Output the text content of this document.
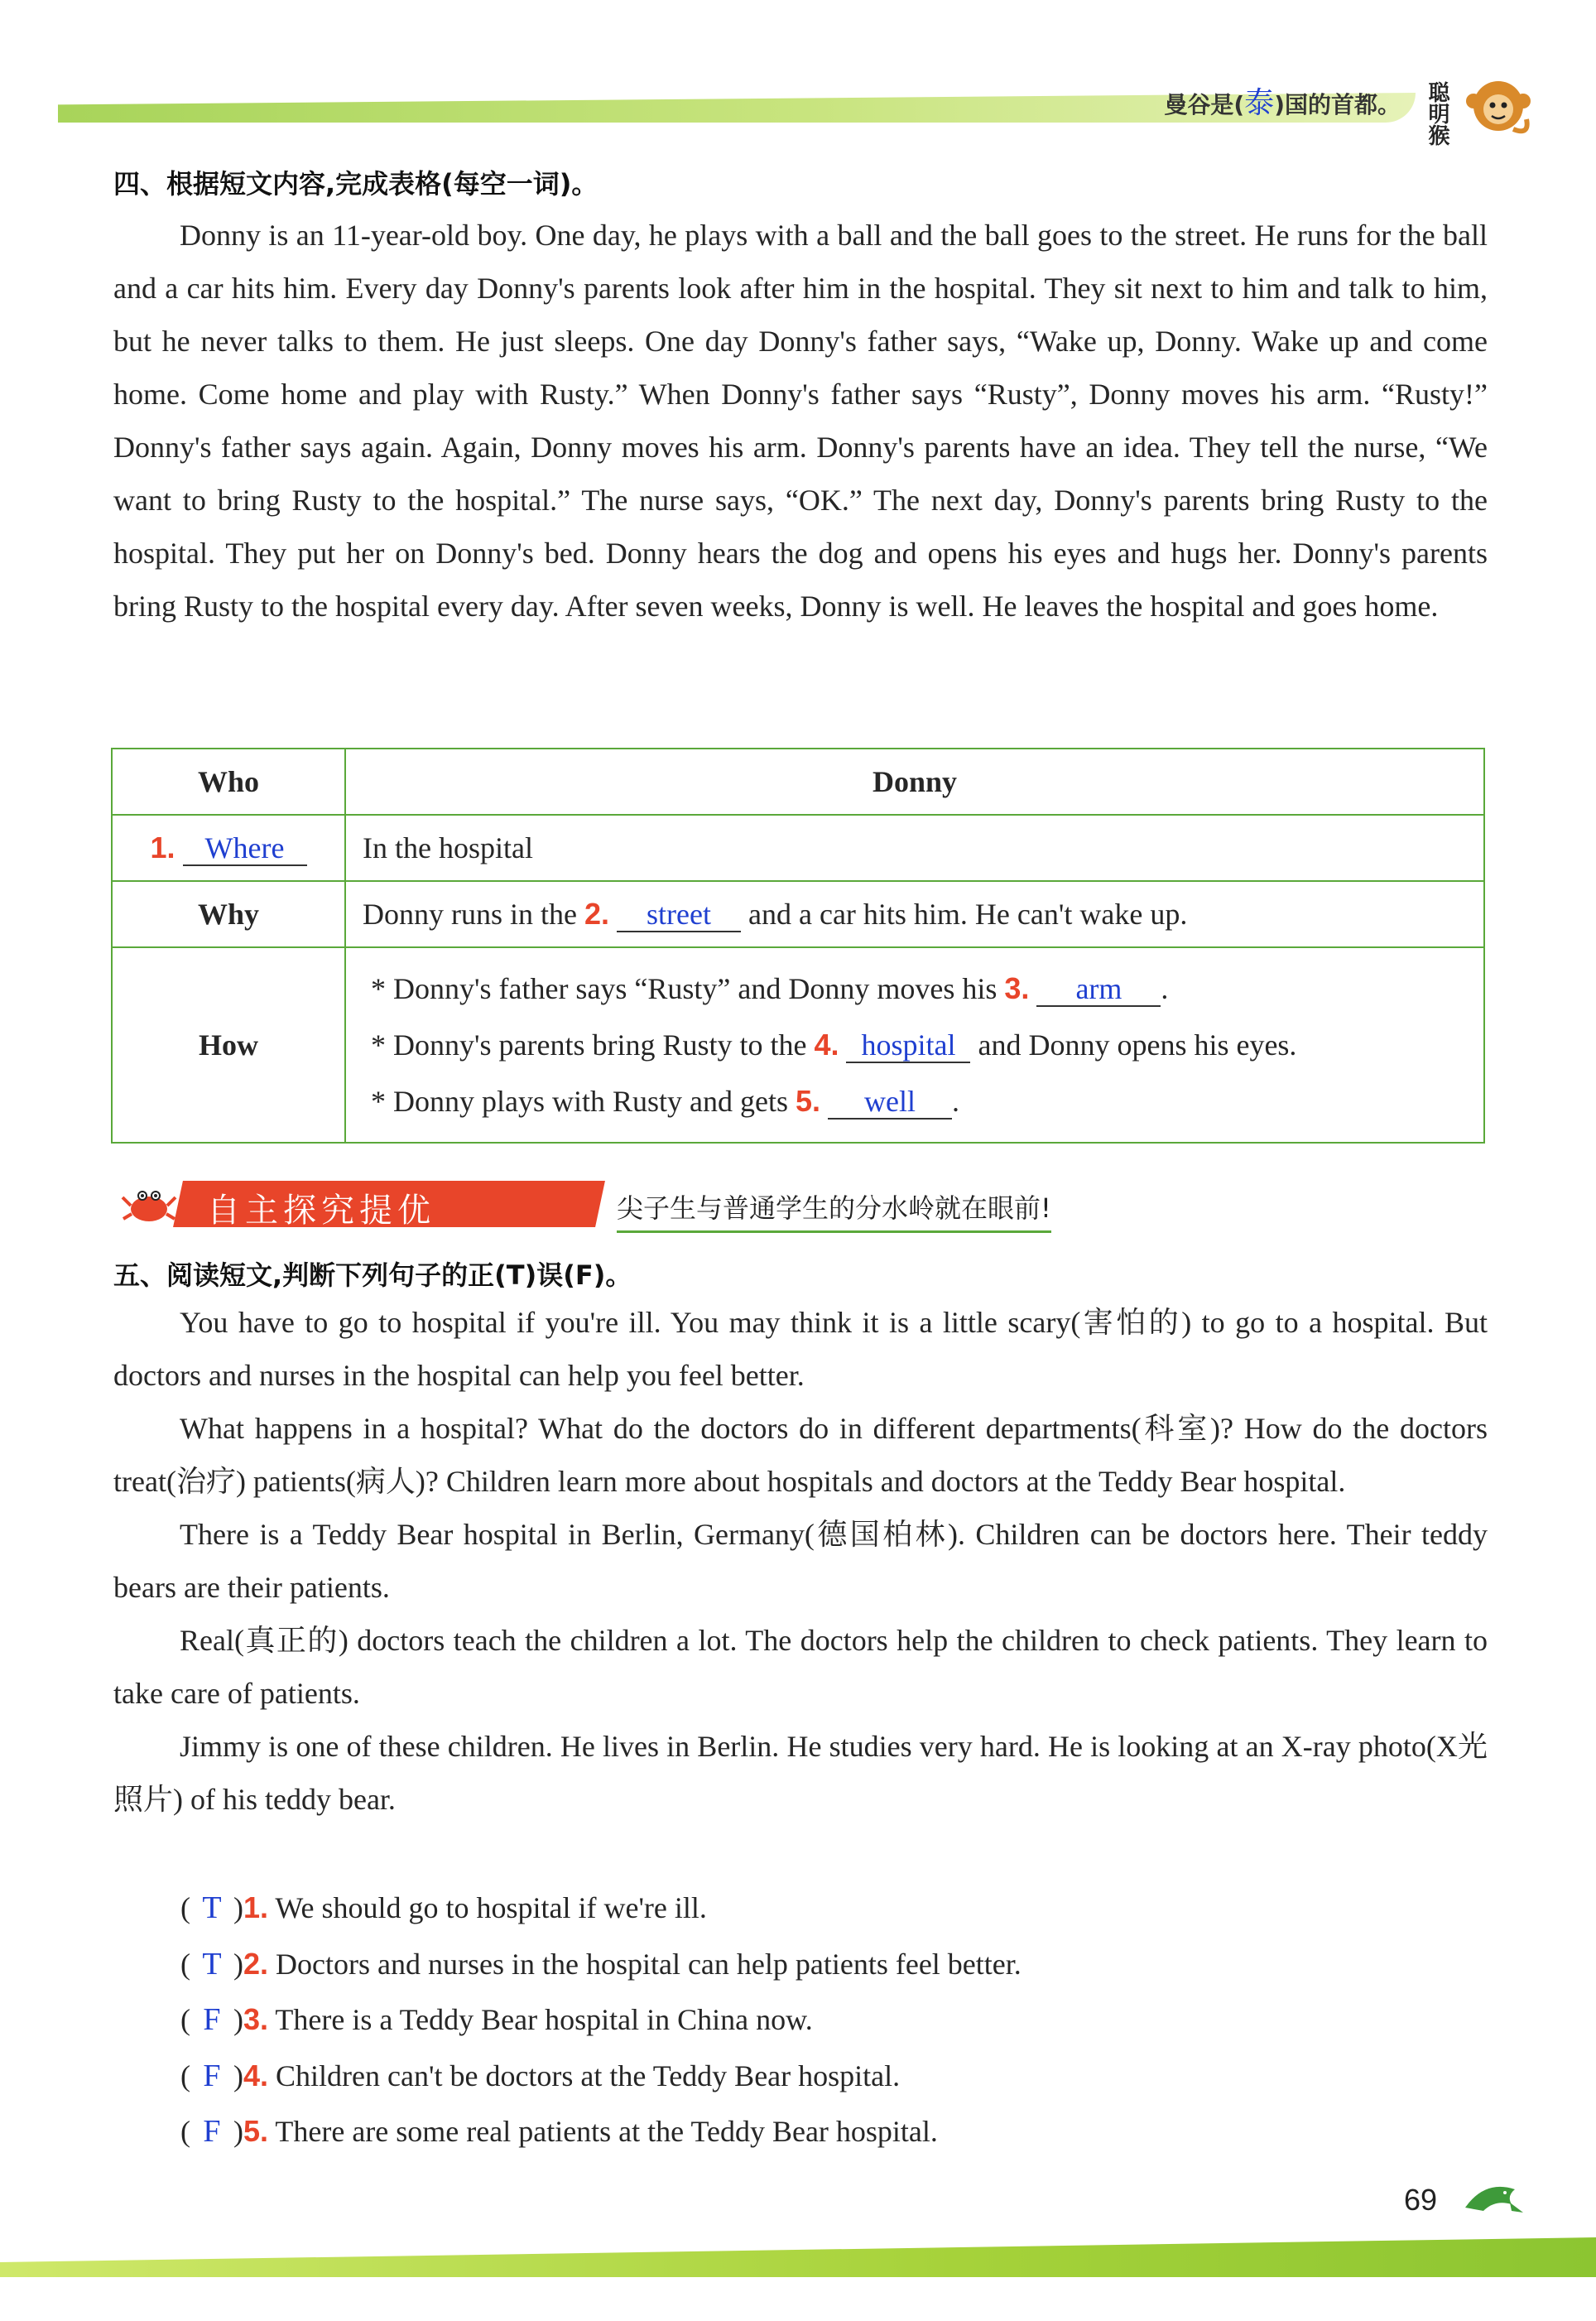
曼谷是(泰)国的首都。 聪明猴
四、根据短文内容,完成表格(每空一词)。

Donny is an 11-year-old boy. One day, he plays with a ball and the ball goes to the street. He runs for the ball and a car hits him. Every day Donny's parents look after him in the hospital. They sit next to him and talk to him, but he never talks to them. He just sleeps. One day Donny's father says, “Wake up, Donny. Wake up and come home. Come home and play with Rusty.” When Donny's father says “Rusty”, Donny moves his arm. “Rusty!” Donny's father says again. Again, Donny moves his arm. Donny's parents have an idea. They tell the nurse, “We want to bring Rusty to the hospital.” The nurse says, “OK.” The next day, Donny's parents bring Rusty to the hospital. They put her on Donny's bed. Donny hears the dog and opens his eyes and hugs her. Donny's parents bring Rusty to the hospital every day. After seven weeks, Donny is well. He leaves the hospital and goes home.

Who	Donny
1. Where	In the hospital
Why	Donny runs in the 2. street and a car hits him. He can't wake up.
How	* Donny's father says “Rusty” and Donny moves his 3. arm .
* Donny's parents bring Rusty to the 4. hospital and Donny opens his eyes.
* Donny plays with Rusty and gets 5. well .
自主探究提优	尖子生与普通学生的分水岭就在眼前!
五、阅读短文,判断下列句子的正(T)误(F)。

You have to go to hospital if you're ill. You may think it is a little scary(害怕的) to go to a hospital. But doctors and nurses in the hospital can help you feel better.

What happens in a hospital? What do the doctors do in different departments(科室)? How do the doctors treat(治疗) patients(病人)? Children learn more about hospitals and doctors at the Teddy Bear hospital.

There is a Teddy Bear hospital in Berlin, Germany(德国柏林). Children can be doctors here. Their teddy bears are their patients.

Real(真正的) doctors teach the children a lot. The doctors help the children to check patients. They learn to take care of patients.

Jimmy is one of these children. He lives in Berlin. He studies very hard. He is looking at an X-ray photo(X光照片) of his teddy bear.

( T )1. We should go to hospital if we're ill.
( T )2. Doctors and nurses in the hospital can help patients feel better.
( F )3. There is a Teddy Bear hospital in China now.
( F )4. Children can't be doctors at the Teddy Bear hospital.
( F )5. There are some real patients at the Teddy Bear hospital.
69
